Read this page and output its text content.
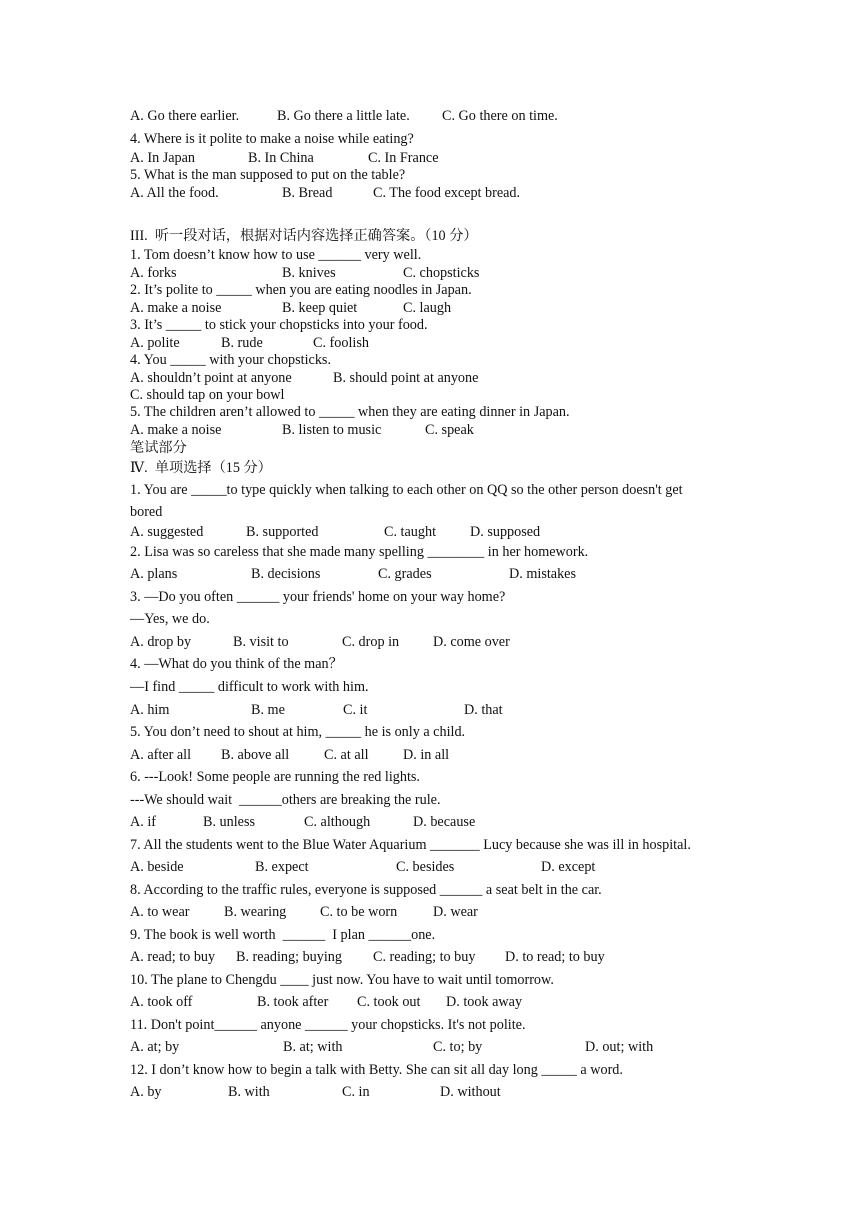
A. Go there earlier.	B. Go there a little late. C. Go there on time.
4. Where is it polite to make a noise while eating?
A. In Japan	B. In China	C. In France
5. What is the man supposed to put on the table?
A. All the food.	B. Bread	C. The food except bread.
III.  听一段对话，根据对话内容选择正确答案。（10 分）
1. Tom doesn’t know how to use ______ very well.
A. forks	B. knives	C. chopsticks
2. It’s polite to _____ when you are eating noodles in Japan.
A. make a noise	B. keep quiet	C. laugh
3. It’s _____ to stick your chopsticks into your food.
A. polite	B. rude	C. foolish
4. You _____ with your chopsticks.
A. shouldn’t point at anyone	B. should point at anyone
C. should tap on your bowl
5. The children aren’t allowed to _____ when they are eating dinner in Japan.
A. make a noise	B. listen to music	C. speak
笔试部分
Ⅳ.  单项选择（15 分）
1. You are _____to type quickly when talking to each other on QQ so the other person doesn't get
bored
A. suggested	B. supported	C. taught D. supposed
2. Lisa was so careless that she made many spelling ________ in her homework.
A. plans	B. decisions	C. grades	D. mistakes
3. —Do you often ______ your friends' home on your way home?
—Yes, we do.
A. drop by	B. visit to	C. drop in D. come over
4. —What do you think of the man？
—I find _____ difficult to work with him.
A. him	B. me	C. it	D. that
5. You don’t need to shout at him, _____ he is only a child.
A. after all B. above all C. at all D. in all
6. ---Look! Some people are running the red lights.
---We should wait  ______others are breaking the rule.
A. if	B. unless	C. although	D. because
7. All the students went to the Blue Water Aquarium _______ Lucy because she was ill in hospital.
A. beside	B. expect	C. besides	D. except
8. According to the traffic rules, everyone is supposed ______ a seat belt in the car.
A. to wear B. wearing C. to be worn	D. wear
9. The book is well worth  ______  I plan ______one.
A. read; to buy B. reading; buying C. reading; to buy D. to read; to buy
10. The plane to Chengdu ____ just now. You have to wait until tomorrow.
A. took off	B. took after C. took out D. took away
11. Don't point______ anyone ______ your chopsticks. It's not polite.
A. at; by	B. at; with	C. to; by	D. out; with
12. I don’t know how to begin a talk with Betty. She can sit all day long _____ a word.
A. by	B. with	C. in	D. without
